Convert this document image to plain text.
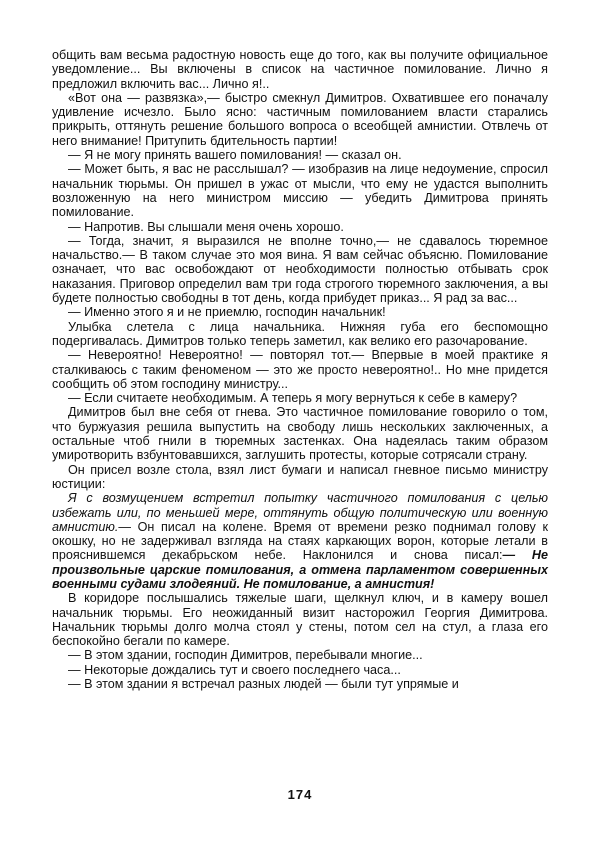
общить вам весьма радостную новость еще до того, как вы получите официальное уведомление... Вы включены в список на частичное помилование. Лично я предложил включить вас... Лично я!..

«Вот она — развязка»,— быстро смекнул Димитров. Охватившее его поначалу удивление исчезло. Было ясно: частичным помилованием власти старались прикрыть, оттянуть решение большого вопроса о всеобщей амнистии. Отвлечь от него внимание! Притупить бдительность партии!

— Я не могу принять вашего помилования! — сказал он.

— Может быть, я вас не расслышал? — изобразив на лице недоумение, спросил начальник тюрьмы. Он пришел в ужас от мысли, что ему не удастся выполнить возложенную на него министром миссию — убедить Димитрова принять помилование.

— Напротив. Вы слышали меня очень хорошо.

— Тогда, значит, я выразился не вполне точно,— не сдавалось тюремное начальство.— В таком случае это моя вина. Я вам сейчас объясню. Помилование означает, что вас освобождают от необходимости полностью отбывать срок наказания. Приговор определил вам три года строгого тюремного заключения, а вы будете полностью свободны в тот день, когда прибудет приказ... Я рад за вас...

— Именно этого я и не приемлю, господин начальник!

Улыбка слетела с лица начальника. Нижняя губа его беспомощно подергивалась. Димитров только теперь заметил, как велико его разочарование.

— Невероятно! Невероятно! — повторял тот.— Впервые в моей практике я сталкиваюсь с таким феноменом — это же просто невероятно!.. Но мне придется сообщить об этом господину министру...

— Если считаете необходимым. А теперь я могу вернуться к себе в камеру?

Димитров был вне себя от гнева. Это частичное помилование говорило о том, что буржуазия решила выпустить на свободу лишь нескольких заключенных, а остальные чтоб гнили в тюремных застенках. Она надеялась таким образом умиротворить взбунтовавшихся, заглушить протесты, которые сотрясали страну.

Он присел возле стола, взял лист бумаги и написал гневное письмо министру юстиции:

Я с возмущением встретил попытку частичного помилования с целью избежать или, по меньшей мере, оттянуть общую политическую или военную амнистию.— Он писал на колене. Время от времени резко поднимал голову к окошку, но не задерживал взгляда на стаях каркающих ворон, которые летали в прояснившемся декабрьском небе. Наклонился и снова писал:— Не произвольные царские помилования, а отмена парламентом совершенных военными судами злодеяний. Не помилование, а амнистия!

В коридоре послышались тяжелые шаги, щелкнул ключ, и в камеру вошел начальник тюрьмы. Его неожиданный визит насторожил Георгия Димитрова. Начальник тюрьмы долго молча стоял у стены, потом сел на стул, а глаза его беспокойно бегали по камере.

— В этом здании, господин Димитров, перебывали многие...

— Некоторые дождались тут и своего последнего часа...

— В этом здании я встречал разных людей — были тут упрямые и

174
